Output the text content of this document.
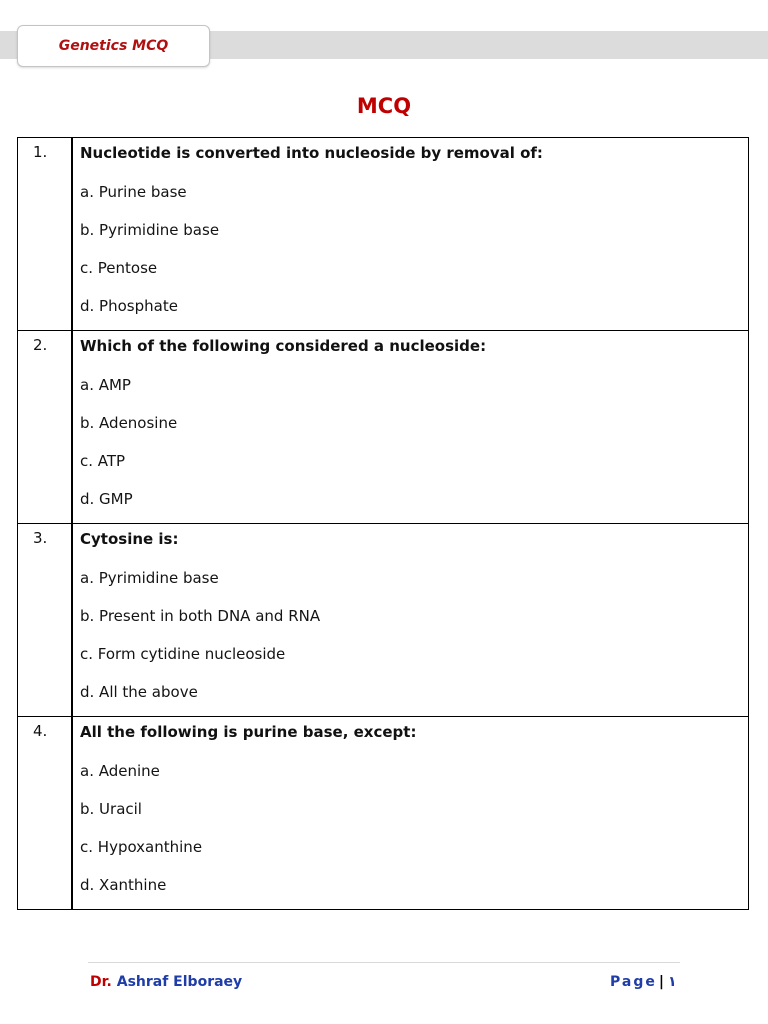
Genetics MCQ
MCQ
1.	Nucleotide is converted into nucleoside by removal of:
a. Purine base
b. Pyrimidine base
c. Pentose
d. Phosphate

2.	Which of the following considered a nucleoside:
a. AMP
b. Adenosine
c. ATP
d. GMP

3.	Cytosine is:
a. Pyrimidine base
b. Present in both DNA and RNA
c. Form cytidine nucleoside
d. All the above

4.	All the following is purine base, except:
a. Adenine
b. Uracil
c. Hypoxanthine
d. Xanthine
Dr. Ashraf Elboraey	Page | ١
